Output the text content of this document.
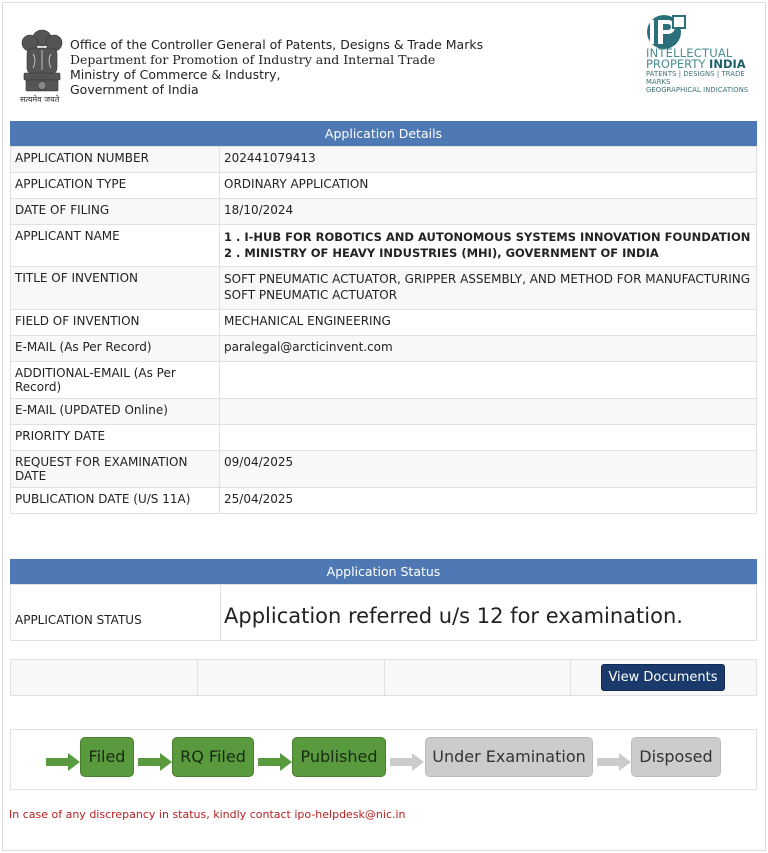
सत्यमेव जयते
Office of the Controller General of Patents, Designs & Trade Marks
Department for Promotion of Industry and Internal Trade
Ministry of Commerce & Industry,
Government of India
INTELLECTUAL
PROPERTY INDIA
PATENTS | DESIGNS | TRADE MARKS
GEOGRAPHICAL INDICATIONS
Application Details
APPLICATION NUMBER	202441079413
APPLICATION TYPE	ORDINARY APPLICATION
DATE OF FILING	18/10/2024
APPLICANT NAME	1 . I-HUB FOR ROBOTICS AND AUTONOMOUS SYSTEMS INNOVATION FOUNDATION
2 . MINISTRY OF HEAVY INDUSTRIES (MHI), GOVERNMENT OF INDIA

TITLE OF INVENTION	SOFT PNEUMATIC ACTUATOR, GRIPPER ASSEMBLY, AND METHOD FOR MANUFACTURING SOFT PNEUMATIC ACTUATOR
FIELD OF INVENTION	MECHANICAL ENGINEERING
E-MAIL (As Per Record)	paralegal@arcticinvent.com
ADDITIONAL-EMAIL (As Per Record)	
E-MAIL (UPDATED Online)	
PRIORITY DATE	
REQUEST FOR EXAMINATION DATE	09/04/2025
PUBLICATION DATE (U/S 11A)	25/04/2025
Application Status
APPLICATION STATUS	Application referred u/s 12 for examination.
View Documents
Filed	RQ Filed	Published	Under Examination	Disposed
In case of any discrepancy in status, kindly contact ipo-helpdesk@nic.in
